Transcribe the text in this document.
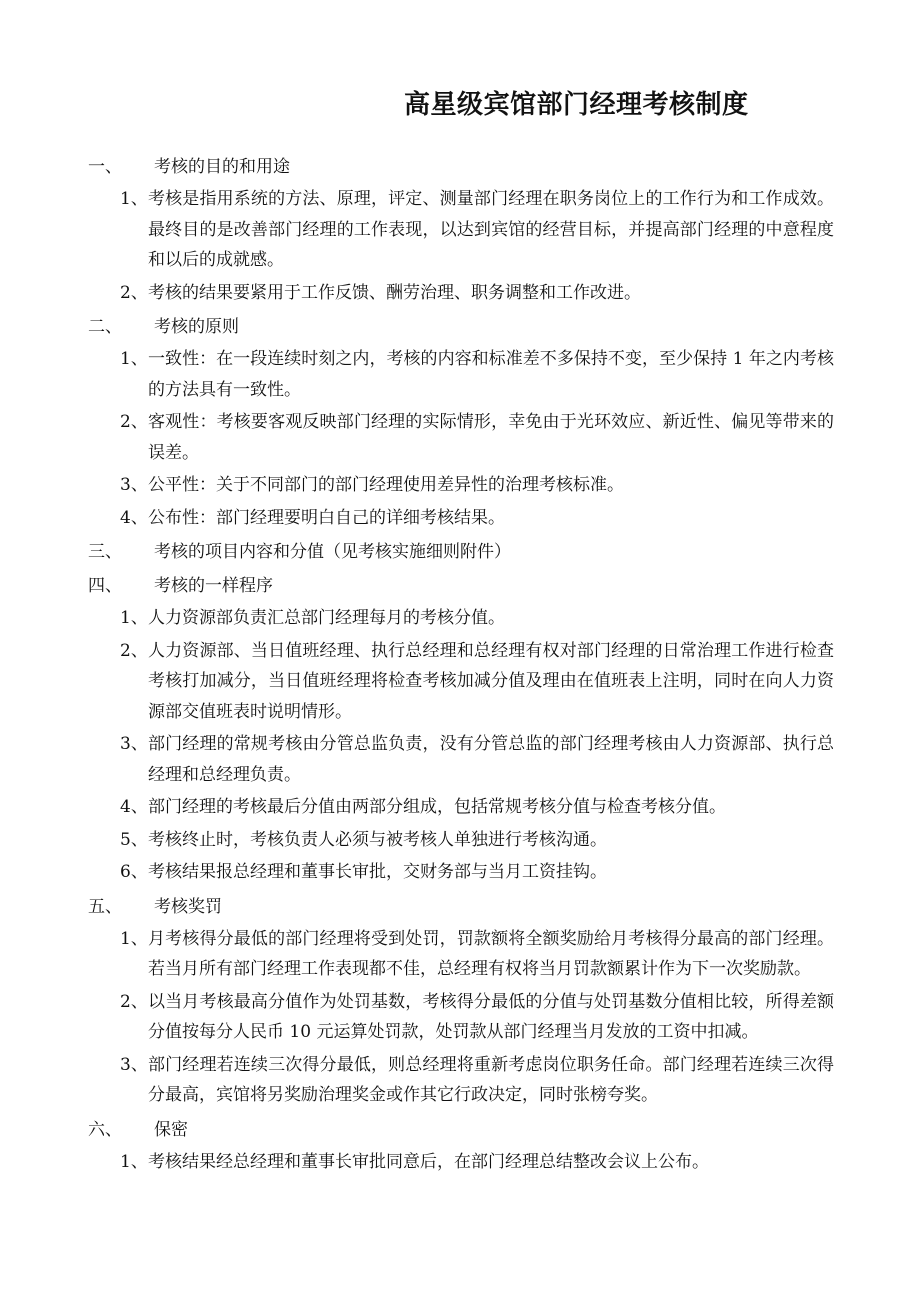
高星级宾馆部门经理考核制度
一、 考核的目的和用途
1、 考核是指用系统的方法、原理，评定、测量部门经理在职务岗位上的工作行为和工作成效。最终目的是改善部门经理的工作表现，以达到宾馆的经营目标，并提高部门经理的中意程度和以后的成就感。
2、 考核的结果要紧用于工作反馈、酬劳治理、职务调整和工作改进。
二、 考核的原则
1、 一致性：在一段连续时刻之内，考核的内容和标准差不多保持不变，至少保持 1 年之内考核的方法具有一致性。
2、 客观性：考核要客观反映部门经理的实际情形，幸免由于光环效应、新近性、偏见等带来的误差。
3、 公平性：关于不同部门的部门经理使用差异性的治理考核标准。
4、 公布性：部门经理要明白自己的详细考核结果。
三、 考核的项目内容和分值（见考核实施细则附件）
四、 考核的一样程序
1、 人力资源部负责汇总部门经理每月的考核分值。
2、 人力资源部、当日值班经理、执行总经理和总经理有权对部门经理的日常治理工作进行检查考核打加减分，当日值班经理将检查考核加减分值及理由在值班表上注明，同时在向人力资源部交值班表时说明情形。
3、 部门经理的常规考核由分管总监负责，没有分管总监的部门经理考核由人力资源部、执行总经理和总经理负责。
4、 部门经理的考核最后分值由两部分组成，包括常规考核分值与检查考核分值。
5、 考核终止时，考核负责人必须与被考核人单独进行考核沟通。
6、 考核结果报总经理和董事长审批，交财务部与当月工资挂钩。
五、 考核奖罚
1、 月考核得分最低的部门经理将受到处罚，罚款额将全额奖励给月考核得分最高的部门经理。若当月所有部门经理工作表现都不佳，总经理有权将当月罚款额累计作为下一次奖励款。
2、 以当月考核最高分值作为处罚基数，考核得分最低的分值与处罚基数分值相比较，所得差额分值按每分人民币 10 元运算处罚款，处罚款从部门经理当月发放的工资中扣减。
3、 部门经理若连续三次得分最低，则总经理将重新考虑岗位职务任命。部门经理若连续三次得分最高，宾馆将另奖励治理奖金或作其它行政决定，同时张榜夸奖。
六、 保密
1、 考核结果经总经理和董事长审批同意后，在部门经理总结整改会议上公布。
